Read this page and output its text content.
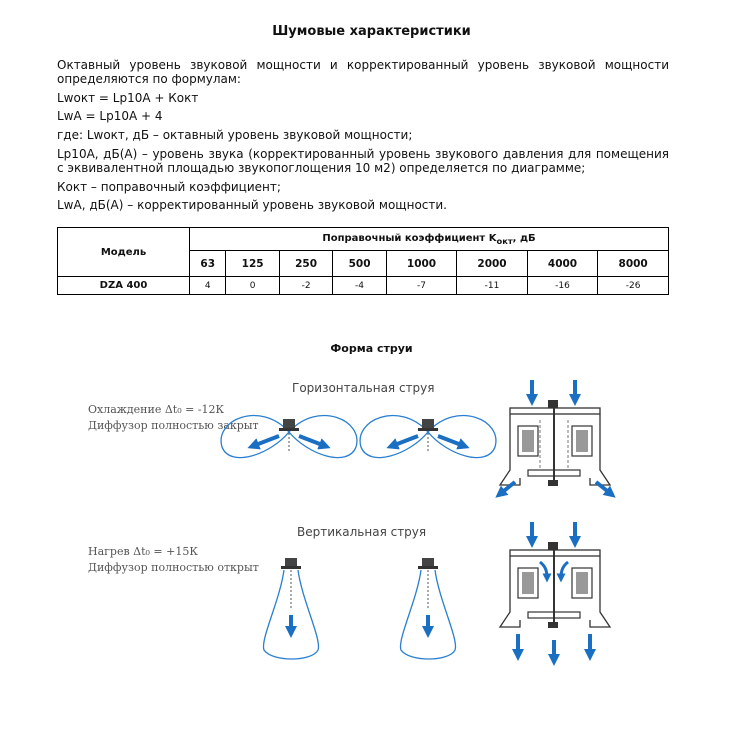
Шумовые характеристики
Октавный уровень звуковой мощности и корректированный уровень звуковой мощности определяются по формулам:
Lwокт = Lp10A + Кокт
LwA = Lp10A + 4
где: Lwокт, дБ – октавный уровень звуковой мощности;
Lp10A, дБ(А) – уровень звука (корректированный уровень звукового давления для помещения с эквивалентной площадью звукопоглощения 10 м2) определяется по диаграмме;
Кокт – поправочный коэффициент;
LwA, дБ(А) – корректированный уровень звуковой мощности.
Модель	Поправочный коэффициент $K_{окт}$, дБ							
	63	125	250	500	1000	2000	4000	8000
DZA 400	4	0	-2	-4	-7	-11	-16	-26
Форма струи
Горизонтальная струя
Охлаждение Δt₀ = -12К
Диффузор полностью закрыт
Вертикальная струя
Нагрев Δt₀ = +15К
Диффузор полностью открыт
